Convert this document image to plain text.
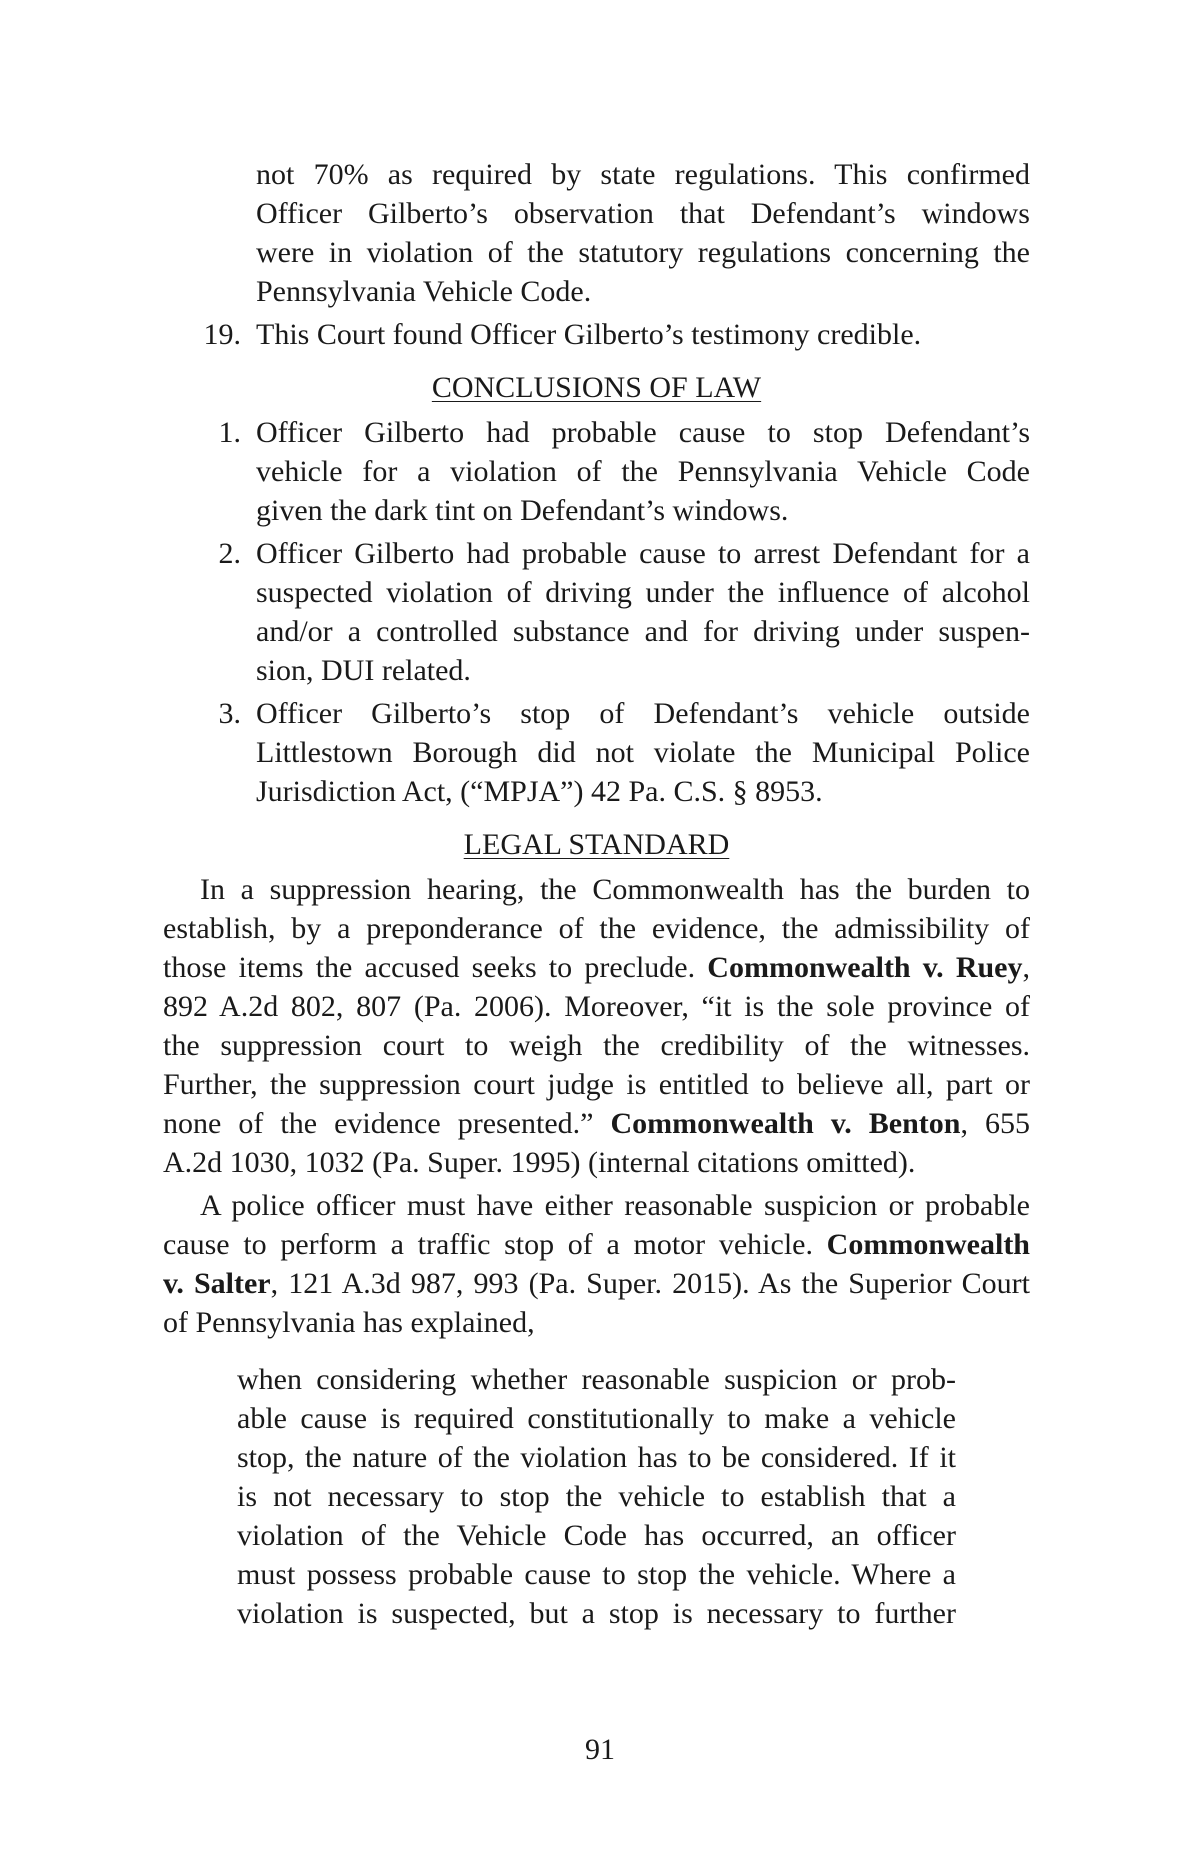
not 70% as required by state regulations. This confirmed
Officer Gilberto’s observation that Defendant’s windows
were in violation of the statutory regulations concerning the
Pennsylvania Vehicle Code.
19. This Court found Officer Gilberto’s testimony credible.
CONCLUSIONS OF LAW
1. Officer Gilberto had probable cause to stop Defendant’s
vehicle for a violation of the Pennsylvania Vehicle Code
given the dark tint on Defendant’s windows.
2. Officer Gilberto had probable cause to arrest Defendant for a
suspected violation of driving under the influence of alcohol
and/or a controlled substance and for driving under suspen-
sion, DUI related.
3. Officer Gilberto’s stop of Defendant’s vehicle outside
Littlestown Borough did not violate the Municipal Police
Jurisdiction Act, (“MPJA”) 42 Pa. C.S. § 8953.
LEGAL STANDARD
In a suppression hearing, the Commonwealth has the burden to
establish, by a preponderance of the evidence, the admissibility of
those items the accused seeks to preclude. Commonwealth v. Ruey,
892 A.2d 802, 807 (Pa. 2006). Moreover, “it is the sole province of
the suppression court to weigh the credibility of the witnesses.
Further, the suppression court judge is entitled to believe all, part or
none of the evidence presented.” Commonwealth v. Benton, 655
A.2d 1030, 1032 (Pa. Super. 1995) (internal citations omitted).
A police officer must have either reasonable suspicion or probable
cause to perform a traffic stop of a motor vehicle. Commonwealth
v. Salter, 121 A.3d 987, 993 (Pa. Super. 2015). As the Superior Court
of Pennsylvania has explained,
when considering whether reasonable suspicion or prob-
able cause is required constitutionally to make a vehicle
stop, the nature of the violation has to be considered. If it
is not necessary to stop the vehicle to establish that a
violation of the Vehicle Code has occurred, an officer
must possess probable cause to stop the vehicle. Where a
violation is suspected, but a stop is necessary to further
91
